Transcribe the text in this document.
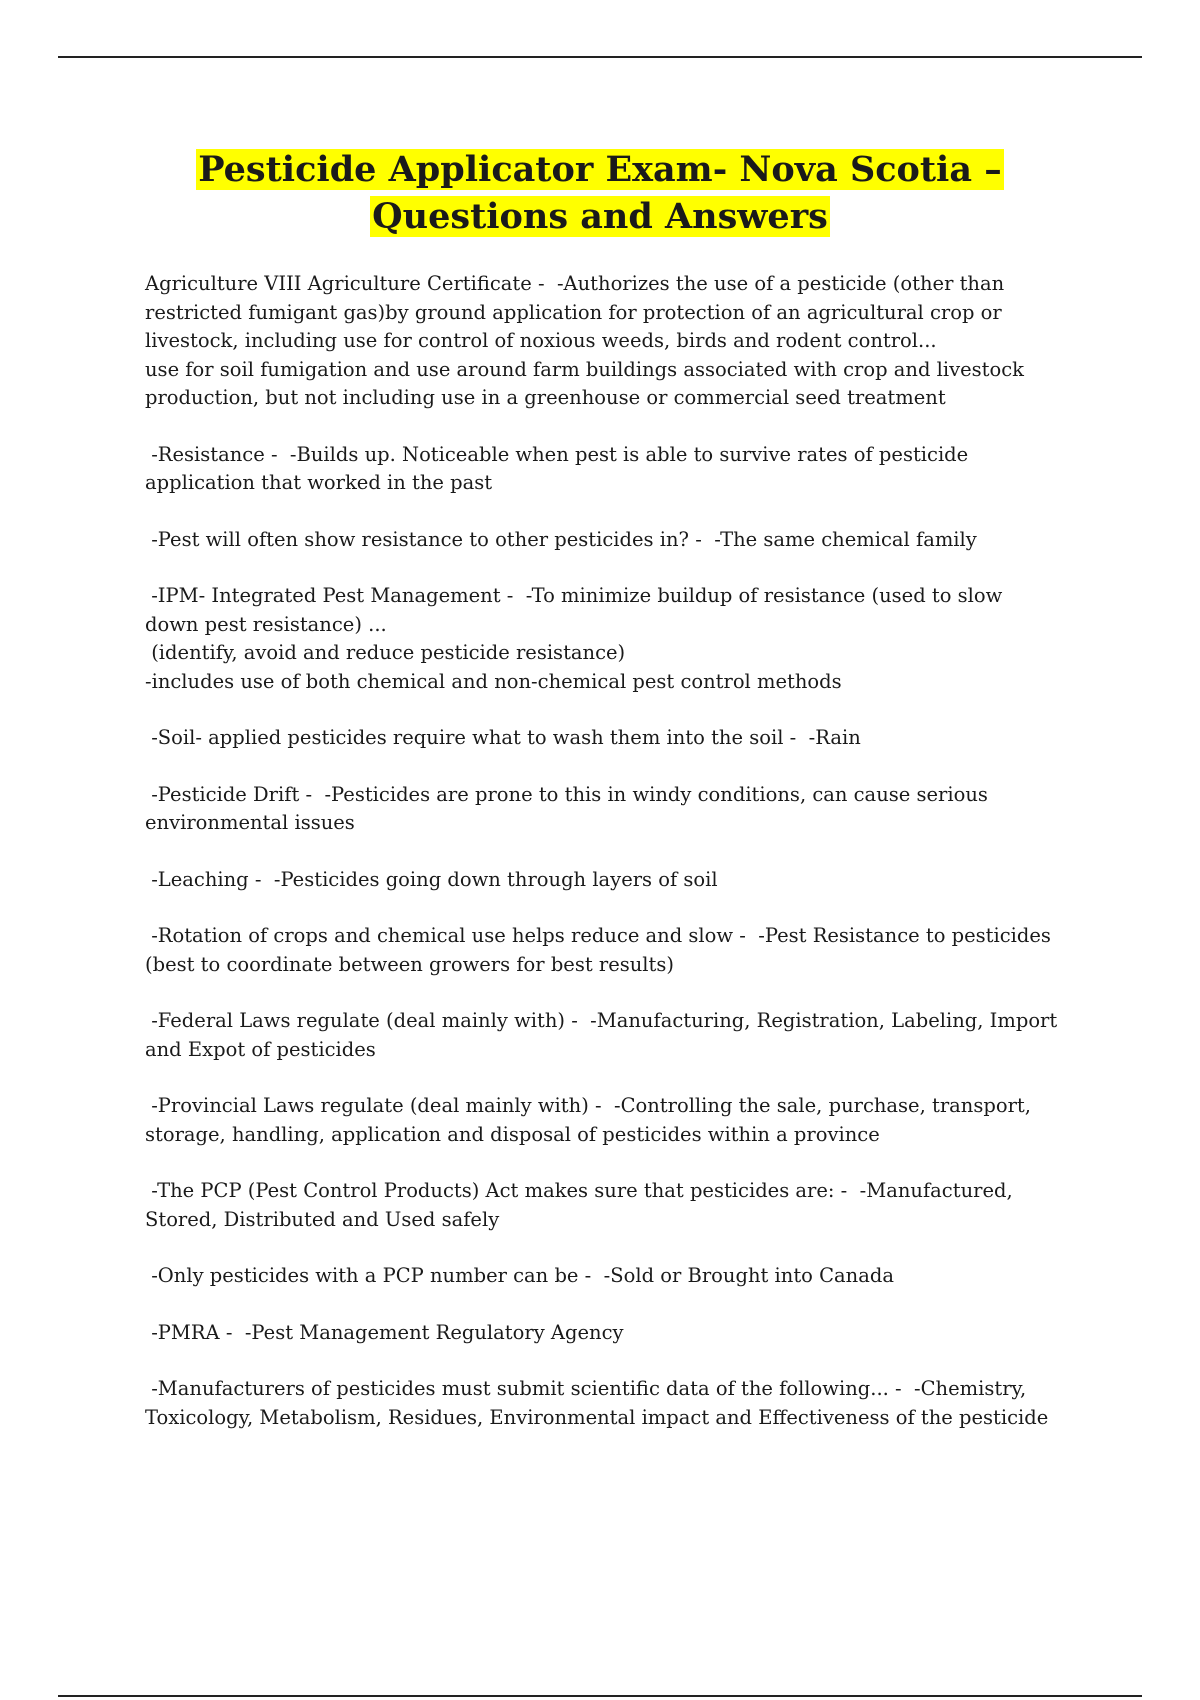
Pesticide Applicator Exam- Nova Scotia –
Questions and Answers
Agriculture VIII Agriculture Certificate -  -Authorizes the use of a pesticide (other than
restricted fumigant gas)by ground application for protection of an agricultural crop or
livestock, including use for control of noxious weeds, birds and rodent control...
use for soil fumigation and use around farm buildings associated with crop and livestock
production, but not including use in a greenhouse or commercial seed treatment
-Resistance -  -Builds up. Noticeable when pest is able to survive rates of pesticide
application that worked in the past
-Pest will often show resistance to other pesticides in? -  -The same chemical family
-IPM- Integrated Pest Management -  -To minimize buildup of resistance (used to slow
down pest resistance) ...
(identify, avoid and reduce pesticide resistance)
-includes use of both chemical and non-chemical pest control methods
-Soil- applied pesticides require what to wash them into the soil -  -Rain
-Pesticide Drift -  -Pesticides are prone to this in windy conditions, can cause serious
environmental issues
-Leaching -  -Pesticides going down through layers of soil
-Rotation of crops and chemical use helps reduce and slow -  -Pest Resistance to pesticides
(best to coordinate between growers for best results)
-Federal Laws regulate (deal mainly with) -  -Manufacturing, Registration, Labeling, Import
and Expot of pesticides
-Provincial Laws regulate (deal mainly with) -  -Controlling the sale, purchase, transport,
storage, handling, application and disposal of pesticides within a province
-The PCP (Pest Control Products) Act makes sure that pesticides are: -  -Manufactured,
Stored, Distributed and Used safely
-Only pesticides with a PCP number can be -  -Sold or Brought into Canada
-PMRA -  -Pest Management Regulatory Agency
-Manufacturers of pesticides must submit scientific data of the following... -  -Chemistry,
Toxicology, Metabolism, Residues, Environmental impact and Effectiveness of the pesticide
